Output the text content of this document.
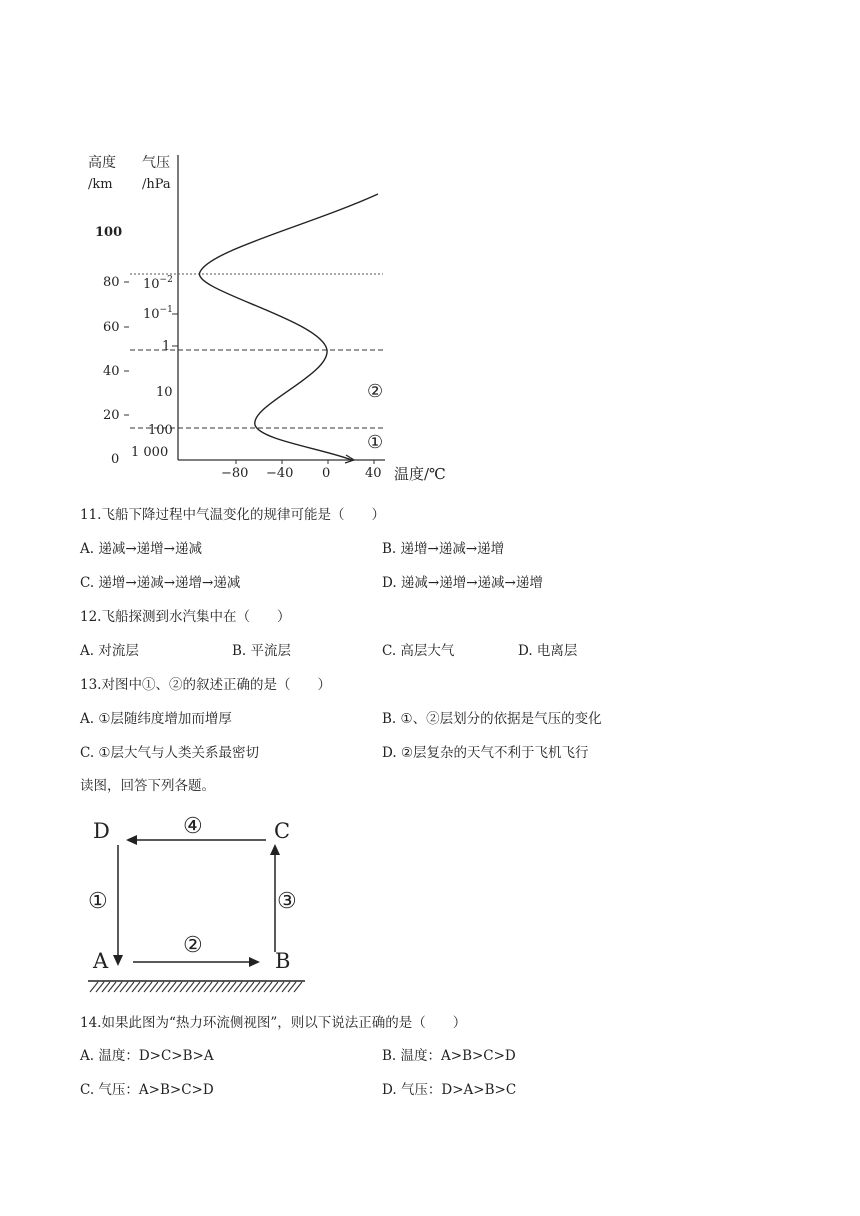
高度
/km
气压
/hPa
100
80
60
40
20
0
$10^{-2}$
$10^{-1}$
1
10
100
1 000
−80 −40 0	40 温度/℃
②
①
11.飞船下降过程中气温变化的规律可能是（　　）
A. 递减→递增→递减	B. 递增→递减→递增
C. 递增→递减→递增→递减	D. 递减→递增→递减→递增
12.飞船探测到水汽集中在（　　）
A. 对流层	B. 平流层	C. 高层大气	D. 电离层
13.对图中①、②的叙述正确的是（　　）
A. ①层随纬度增加而增厚	B. ①、②层划分的依据是气压的变化
C. ①层大气与人类关系最密切	D. ②层复杂的天气不利于飞机飞行
读图，回答下列各题。
D	C
A	B
④
①	③
②
14.如果此图为“热力环流侧视图”，则以下说法正确的是（　　）
A. 温度：D>C>B>A	B. 温度：A>B>C>D
C. 气压：A>B>C>D	D. 气压：D>A>B>C
